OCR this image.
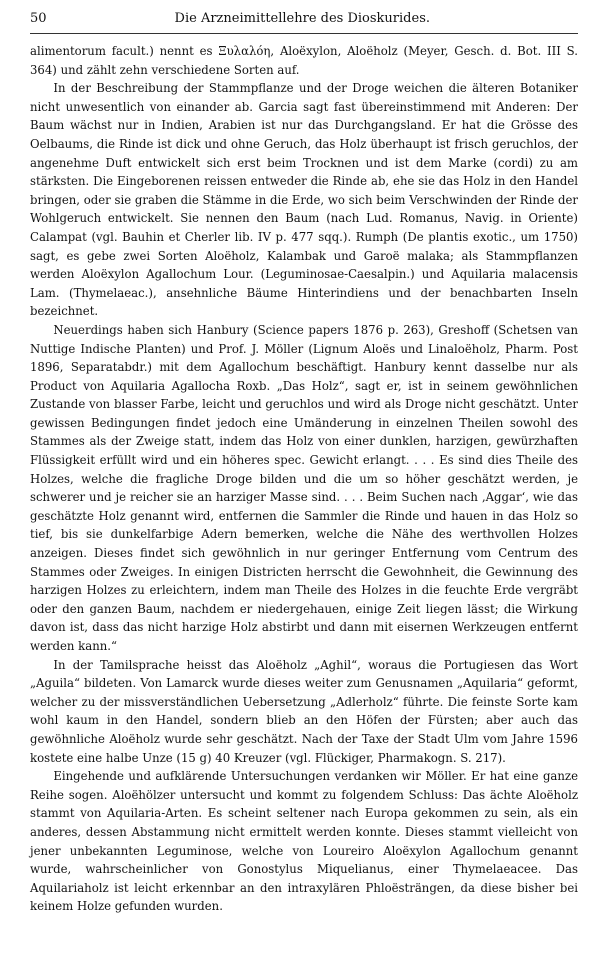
50	Die Arzneimittellehre des Dioskurides.

alimentorum facult.) nennt es Ξυλαλόη, Aloëxylon, Aloëholz (Meyer, Gesch. d. Bot. III S. 364) und zählt zehn verschiedene Sorten auf.

In der Beschreibung der Stammpflanze und der Droge weichen die älteren Botaniker nicht unwesentlich von einander ab. Garcia sagt fast übereinstimmend mit Anderen: Der Baum wächst nur in Indien, Arabien ist nur das Durchgangsland. Er hat die Grösse des Oelbaums, die Rinde ist dick und ohne Geruch, das Holz überhaupt ist frisch geruchlos, der angenehme Duft entwickelt sich erst beim Trocknen und ist dem Marke (cordi) zu am stärksten. Die Eingeborenen reissen entweder die Rinde ab, ehe sie das Holz in den Handel bringen, oder sie graben die Stämme in die Erde, wo sich beim Verschwinden der Rinde der Wohlgeruch entwickelt. Sie nennen den Baum (nach Lud. Romanus, Navig. in Oriente) Calampat (vgl. Bauhin et Cherler lib. IV p. 477 sqq.). Rumph (De plantis exotic., um 1750) sagt, es gebe zwei Sorten Aloëholz, Kalambak und Garoë malaka; als Stammpflanzen werden Aloëxylon Agallochum Lour. (Leguminosae-Caesalpin.) und Aquilaria malacensis Lam. (Thymelaeac.), ansehnliche Bäume Hinterindiens und der benachbarten Inseln bezeichnet.

Neuerdings haben sich Hanbury (Science papers 1876 p. 263), Greshoff (Schetsen van Nuttige Indische Planten) und Prof. J. Möller (Lignum Aloës und Linaloëholz, Pharm. Post 1896, Separatabdr.) mit dem Agallochum beschäftigt. Hanbury kennt dasselbe nur als Product von Aquilaria Agallocha Roxb. „Das Holz“, sagt er, ist in seinem gewöhnlichen Zustande von blasser Farbe, leicht und geruchlos und wird als Droge nicht geschätzt. Unter gewissen Bedingungen findet jedoch eine Umänderung in einzelnen Theilen sowohl des Stammes als der Zweige statt, indem das Holz von einer dunklen, harzigen, gewürzhaften Flüssigkeit erfüllt wird und ein höheres spec. Gewicht erlangt. . . . Es sind dies Theile des Holzes, welche die fragliche Droge bilden und die um so höher geschätzt werden, je schwerer und je reicher sie an harziger Masse sind. . . . Beim Suchen nach ‚Aggar‘, wie das geschätzte Holz genannt wird, entfernen die Sammler die Rinde und hauen in das Holz so tief, bis sie dunkelfarbige Adern bemerken, welche die Nähe des werthvollen Holzes anzeigen. Dieses findet sich gewöhnlich in nur geringer Entfernung vom Centrum des Stammes oder Zweiges. In einigen Districten herrscht die Gewohnheit, die Gewinnung des harzigen Holzes zu erleichtern, indem man Theile des Holzes in die feuchte Erde vergräbt oder den ganzen Baum, nachdem er niedergehauen, einige Zeit liegen lässt; die Wirkung davon ist, dass das nicht harzige Holz abstirbt und dann mit eisernen Werkzeugen entfernt werden kann.“

In der Tamilsprache heisst das Aloëholz „Aghil“, woraus die Portugiesen das Wort „Aguila“ bildeten. Von Lamarck wurde dieses weiter zum Genusnamen „Aquilaria“ geformt, welcher zu der missverständlichen Uebersetzung „Adlerholz“ führte. Die feinste Sorte kam wohl kaum in den Handel, sondern blieb an den Höfen der Fürsten; aber auch das gewöhnliche Aloëholz wurde sehr geschätzt. Nach der Taxe der Stadt Ulm vom Jahre 1596 kostete eine halbe Unze (15 g) 40 Kreuzer (vgl. Flückiger, Pharmakogn. S. 217).

Eingehende und aufklärende Untersuchungen verdanken wir Möller. Er hat eine ganze Reihe sogen. Aloëhölzer untersucht und kommt zu folgendem Schluss: Das ächte Aloëholz stammt von Aquilaria-Arten. Es scheint seltener nach Europa gekommen zu sein, als ein anderes, dessen Abstammung nicht ermittelt werden konnte. Dieses stammt vielleicht von jener unbekannten Leguminose, welche von Loureiro Aloëxylon Agallochum genannt wurde, wahrscheinlicher von Gonostylus Miquelianus, einer Thymelaeacee. Das Aquilariaholz ist leicht erkennbar an den intraxylären Phloësträngen, da diese bisher bei keinem Holze gefunden wurden.
